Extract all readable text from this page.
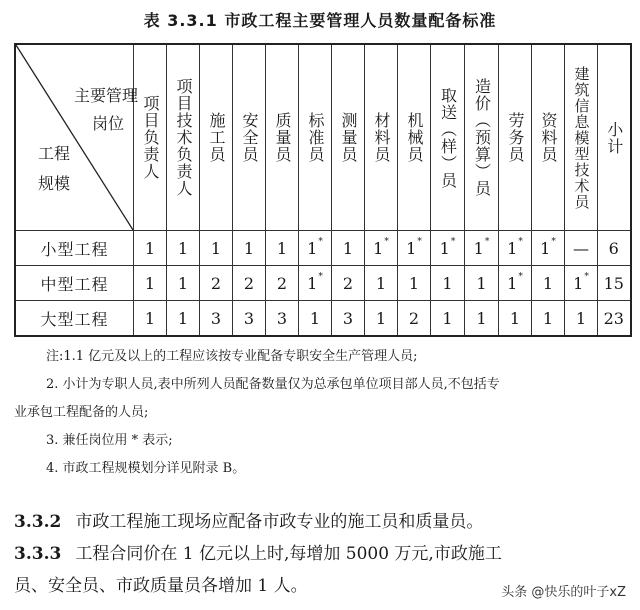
表 3.3.1 市政工程主要管理人员数量配备标准
主要管理
岗位
工程
规模	项目负责人	项目技术负责人	施工员	安全员	质量员	标准员	测量员	材料员	机械员	取送︵样︶员	造价︵预算︶员	劳务员	资料员	建筑信息模型技术员	小计

小型工程	1	1	1	1	1	1*	1	1*	1*	1*	1*	1*	1*	—	6
中型工程	1	1	2	2	2	1*	2	1	1	1	1	1*	1	1*	15
大型工程	1	1	3	3	3	1	3	1	2	1	1	1	1	1	23

注:1.1 亿元及以上的工程应该按专业配备专职安全生产管理人员;

2. 小计为专职人员,表中所列人员配备数量仅为总承包单位项目部人员,不包括专

业承包工程配备的人员;

3. 兼任岗位用 * 表示;

4. 市政工程规模划分详见附录 B。

3.3.2 市政工程施工现场应配备市政专业的施工员和质量员。
3.3.3 工程合同价在 1 亿元以上时,每增加 5000 万元,市政施工
员、安全员、市政质量员各增加 1 人。	头条 @快乐的叶子xZ
